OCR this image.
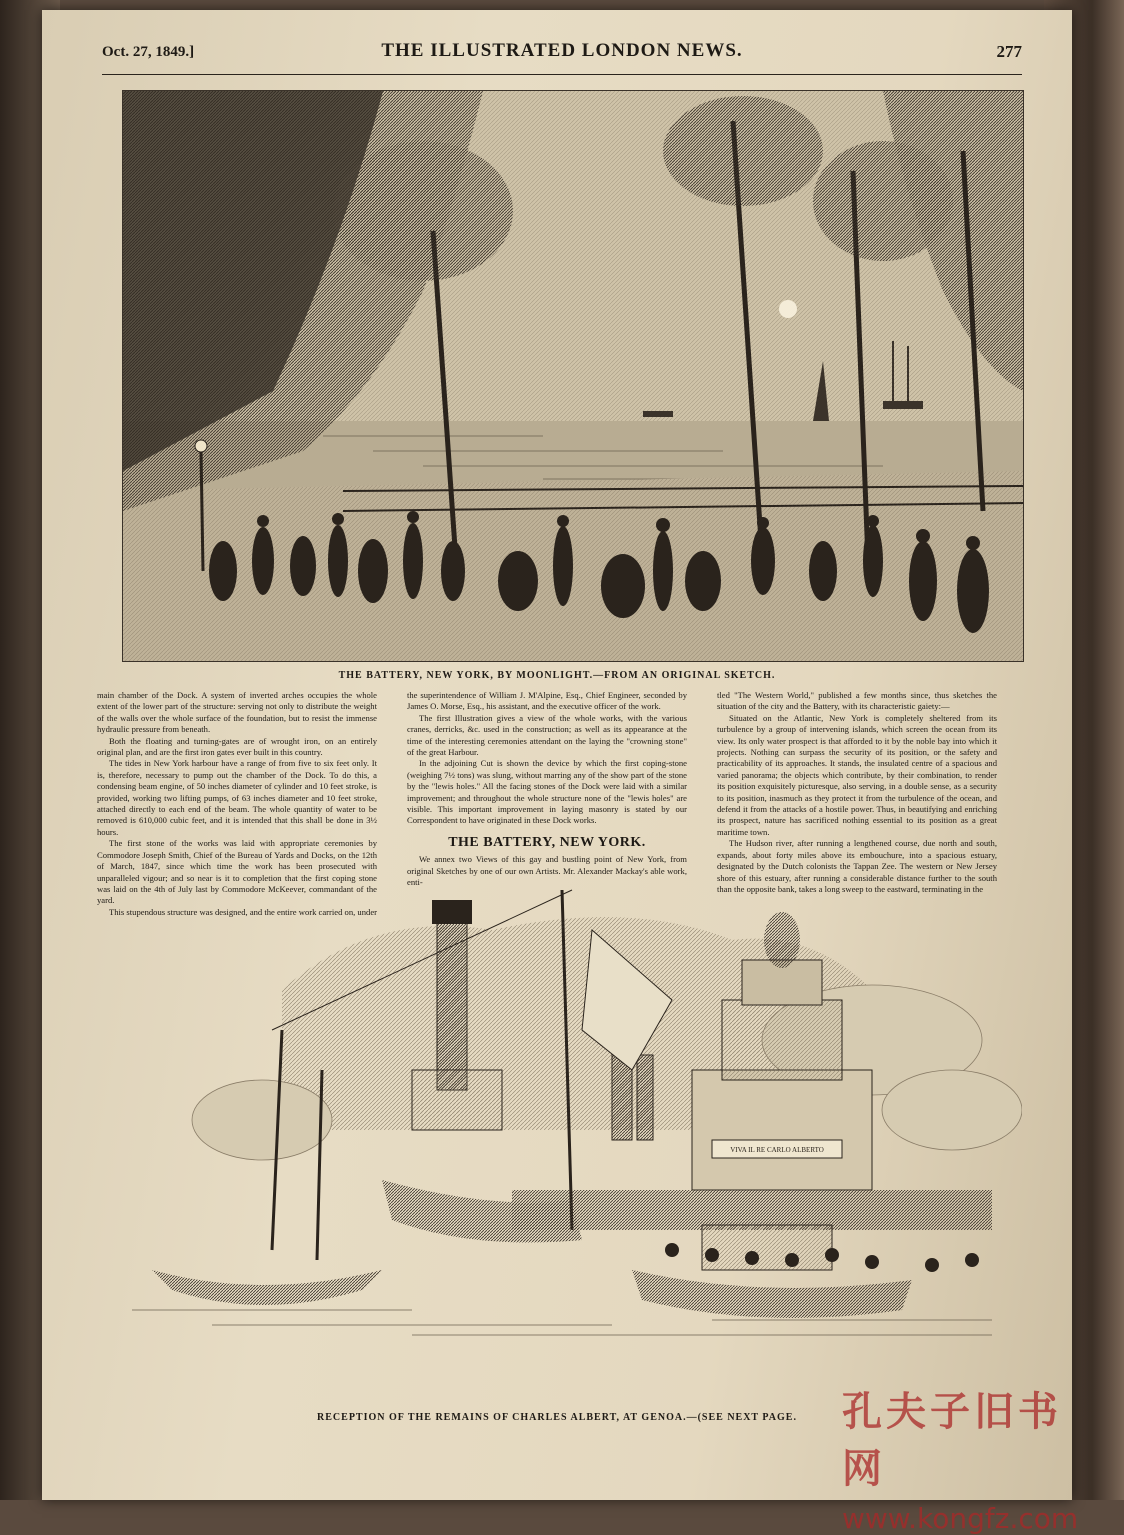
Oct. 27, 1849.]	THE ILLUSTRATED LONDON NEWS.	277
THE BATTERY, NEW YORK, BY MOONLIGHT.—FROM AN ORIGINAL SKETCH.

main chamber of the Dock. A system of inverted arches occupies the whole extent of the lower part of the structure: serving not only to distribute the weight of the walls over the whole surface of the foundation, but to resist the immense hydraulic pressure from beneath.

Both the floating and turning-gates are of wrought iron, on an entirely original plan, and are the first iron gates ever built in this country.

The tides in New York harbour have a range of from five to six feet only. It is, therefore, necessary to pump out the chamber of the Dock. To do this, a condensing beam engine, of 50 inches diameter of cylinder and 10 feet stroke, is provided, working two lifting pumps, of 63 inches diameter and 10 feet stroke, attached directly to each end of the beam. The whole quantity of water to be removed is 610,000 cubic feet, and it is intended that this shall be done in 3½ hours.

The first stone of the works was laid with appropriate ceremonies by Commodore Joseph Smith, Chief of the Bureau of Yards and Docks, on the 12th of March, 1847, since which time the work has been prosecuted with unparalleled vigour; and so near is it to completion that the first coping stone was laid on the 4th of July last by Commodore McKeever, commandant of the yard.

This stupendous structure was designed, and the entire work carried on, under

the superintendence of William J. M'Alpine, Esq., Chief Engineer, seconded by James O. Morse, Esq., his assistant, and the executive officer of the work.

The first Illustration gives a view of the whole works, with the various cranes, derricks, &c. used in the construction; as well as its appearance at the time of the interesting ceremonies attendant on the laying the "crowning stone" of the great Harbour.

In the adjoining Cut is shown the device by which the first coping-stone (weighing 7½ tons) was slung, without marring any of the show part of the stone by the "lewis holes." All the facing stones of the Dock were laid with a similar improvement; and throughout the whole structure none of the "lewis holes" are visible. This important improvement in laying masonry is stated by our Correspondent to have originated in these Dock works.

THE BATTERY, NEW YORK.

We annex two Views of this gay and bustling point of New York, from original Sketches by one of our own Artists. Mr. Alexander Mackay's able work, enti-

tled "The Western World," published a few months since, thus sketches the situation of the city and the Battery, with its characteristic gaiety:—

Situated on the Atlantic, New York is completely sheltered from its turbulence by a group of intervening islands, which screen the ocean from its view. Its only water prospect is that afforded to it by the noble bay into which it projects. Nothing can surpass the security of its position, or the safety and practicability of its approaches. It stands, the insulated centre of a spacious and varied panorama; the objects which contribute, by their combination, to render its position exquisitely picturesque, also serving, in a double sense, as a security to its position, inasmuch as they protect it from the turbulence of the ocean, and defend it from the attacks of a hostile power. Thus, in beautifying and enriching its prospect, nature has sacrificed nothing essential to its position as a great maritime town.

The Hudson river, after running a lengthened course, due north and south, expands, about forty miles above its embouchure, into a spacious estuary, designated by the Dutch colonists the Tappan Zee. The western or New Jersey shore of this estuary, after running a considerable distance further to the south than the opposite bank, takes a long sweep to the eastward, terminating in the

VIVA IL RE CARLO ALBERTO
RECEPTION OF THE REMAINS OF CHARLES ALBERT, AT GENOA.—(SEE NEXT PAGE.	孔夫子旧书网
www.kongfz.com
